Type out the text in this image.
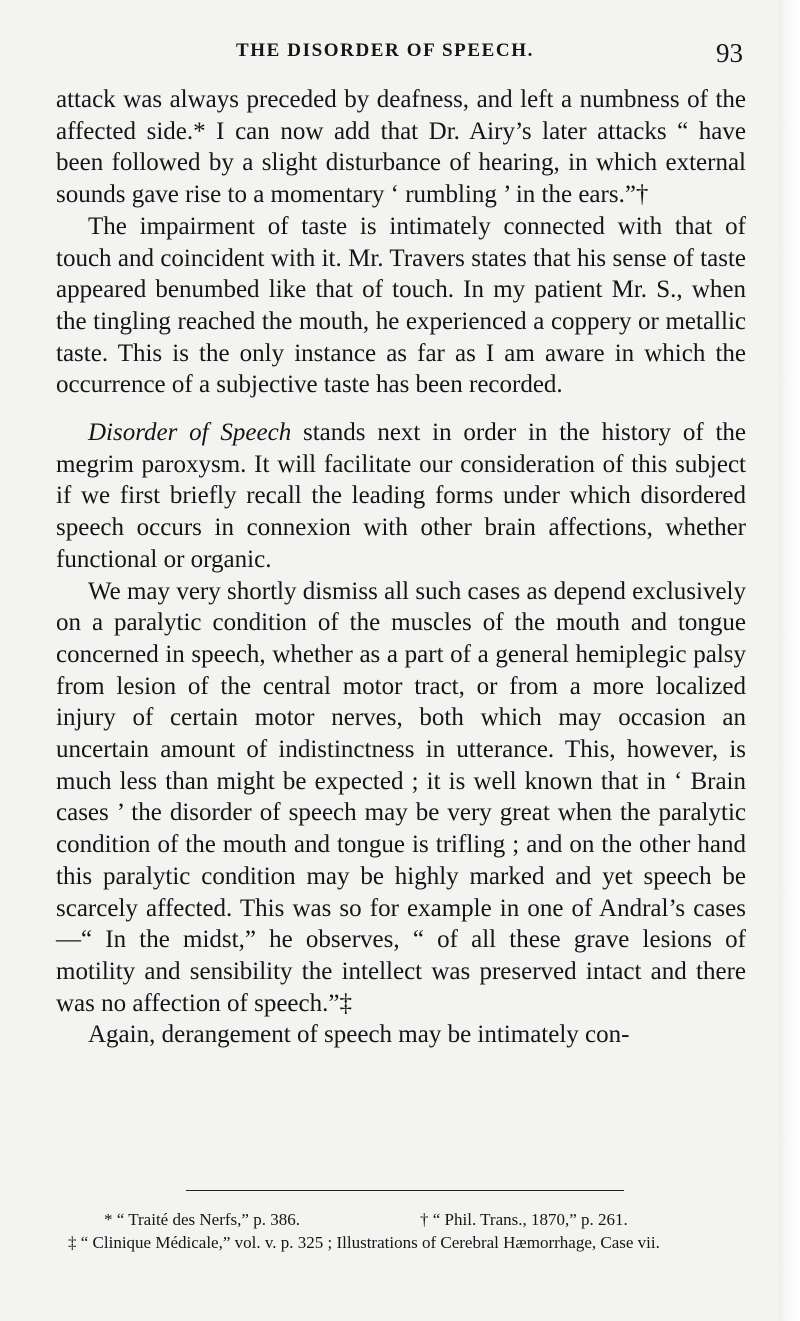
THE DISORDER OF SPEECH.	93

attack was always preceded by deafness, and left a numbness of the affected side.* I can now add that Dr. Airy’s later attacks “ have been followed by a slight disturbance of hearing, in which external sounds gave rise to a momentary ‘ rumbling ’ in the ears.”†

The impairment of taste is intimately connected with that of touch and coincident with it. Mr. Travers states that his sense of taste appeared benumbed like that of touch. In my patient Mr. S., when the tingling reached the mouth, he experienced a coppery or metallic taste. This is the only instance as far as I am aware in which the occurrence of a subjective taste has been recorded.

Disorder of Speech stands next in order in the history of the megrim paroxysm. It will facilitate our consideration of this subject if we first briefly recall the leading forms under which disordered speech occurs in connexion with other brain affections, whether functional or organic.

We may very shortly dismiss all such cases as depend exclusively on a paralytic condition of the muscles of the mouth and tongue concerned in speech, whether as a part of a general hemiplegic palsy from lesion of the central motor tract, or from a more localized injury of certain motor nerves, both which may occasion an uncertain amount of indistinctness in utterance. This, however, is much less than might be expected ; it is well known that in ‘ Brain cases ’ the disorder of speech may be very great when the paralytic condition of the mouth and tongue is trifling ; and on the other hand this paralytic condition may be highly marked and yet speech be scarcely affected. This was so for example in one of Andral’s cases—“ In the midst,” he observes, “ of all these grave lesions of motility and sensibility the intellect was preserved intact and there was no affection of speech.”‡

Again, derangement of speech may be intimately con-

* “ Traité des Nerfs,” p. 386.	† “ Phil. Trans., 1870,” p. 261.

‡ “ Clinique Médicale,” vol. v. p. 325 ; Illustrations of Cerebral Hæmorrhage, Case vii.
